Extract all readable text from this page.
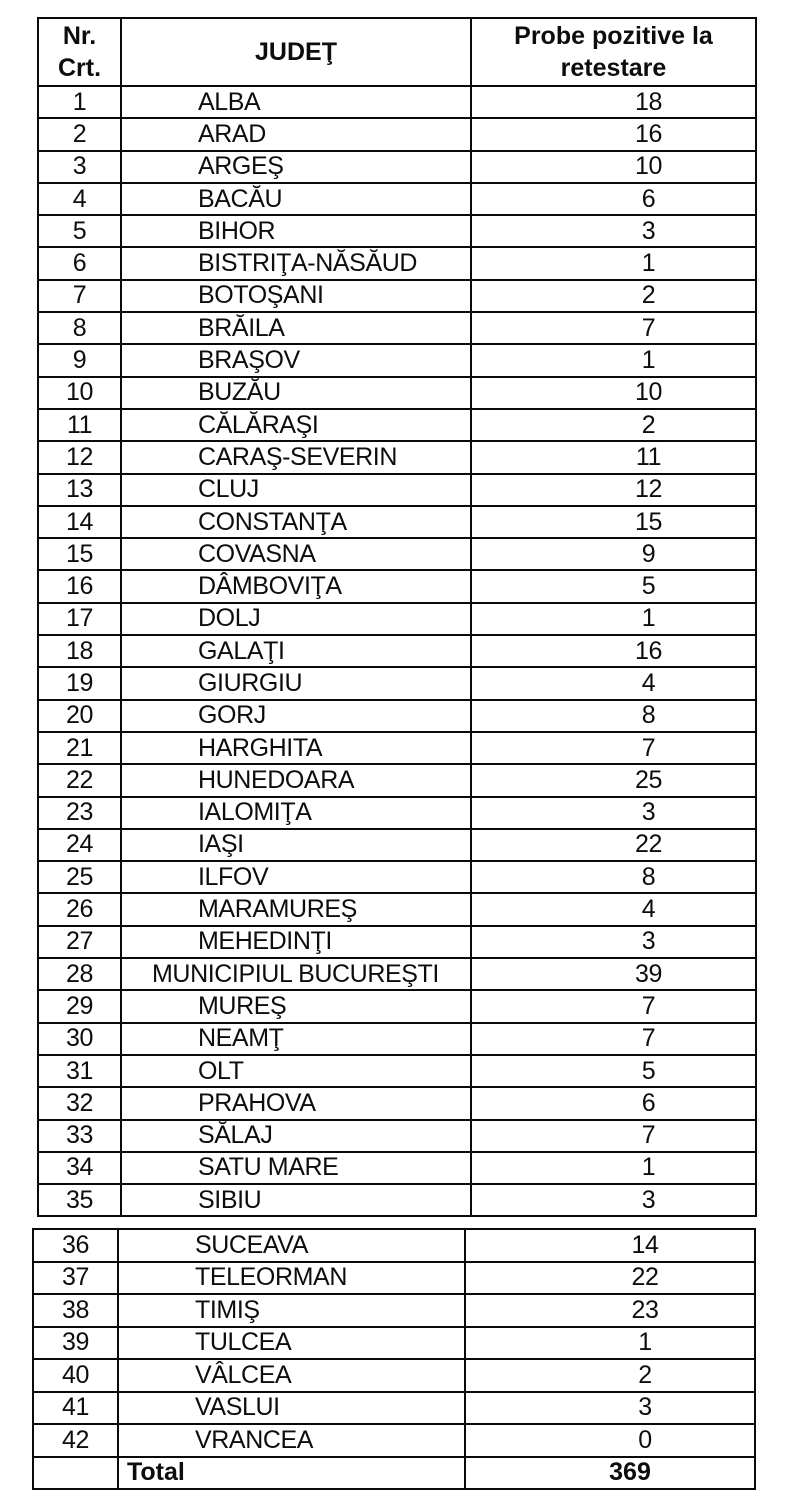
Nr. Crt.	JUDEŢ	Probe pozitive la retestare
1	ALBA	18
2	ARAD	16
3	ARGEŞ	10
4	BACĂU	6
5	BIHOR	3
6	BISTRIŢA-NĂSĂUD	1
7	BOTOŞANI	2
8	BRĂILA	7
9	BRAŞOV	1
10	BUZĂU	10
11	CĂLĂRAŞI	2
12	CARAŞ-SEVERIN	11
13	CLUJ	12
14	CONSTANŢA	15
15	COVASNA	9
16	DÂMBOVIŢA	5
17	DOLJ	1
18	GALAŢI	16
19	GIURGIU	4
20	GORJ	8
21	HARGHITA	7
22	HUNEDOARA	25
23	IALOMIŢA	3
24	IAŞI	22
25	ILFOV	8
26	MARAMUREŞ	4
27	MEHEDINŢI	3
28	MUNICIPIUL BUCUREŞTI	39
29	MUREŞ	7
30	NEAMŢ	7
31	OLT	5
32	PRAHOVA	6
33	SĂLAJ	7
34	SATU MARE	1
35	SIBIU	3
36	SUCEAVA	14
37	TELEORMAN	22
38	TIMIŞ	23
39	TULCEA	1
40	VÂLCEA	2
41	VASLUI	3
42	VRANCEA	0
	Total	369
